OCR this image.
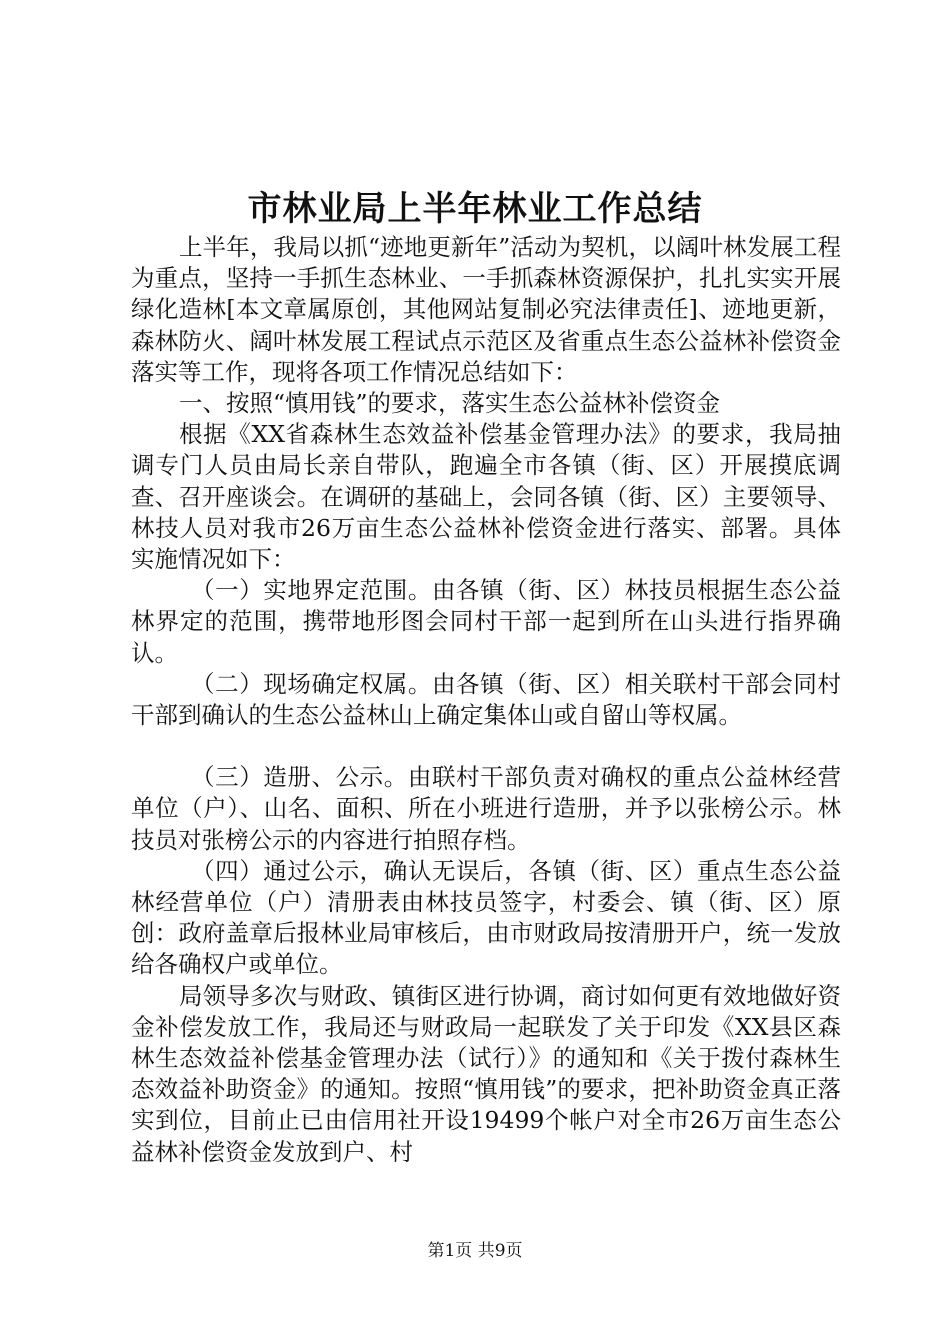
市林业局上半年林业工作总结

上半年，我局以抓“迹地更新年”活动为契机，以阔叶林发展工程为重点，坚持一手抓生态林业、一手抓森林资源保护，扎扎实实开展绿化造林[本文章属原创，其他网站复制必究法律责任]、迹地更新，森林防火、阔叶林发展工程试点示范区及省重点生态公益林补偿资金落实等工作，现将各项工作情况总结如下：

一、按照“慎用钱”的要求，落实生态公益林补偿资金

根据《XX省森林生态效益补偿基金管理办法》的要求，我局抽调专门人员由局长亲自带队，跑遍全市各镇（街、区）开展摸底调查、召开座谈会。在调研的基础上，会同各镇（街、区）主要领导、林技人员对我市26万亩生态公益林补偿资金进行落实、部署。具体实施情况如下：

（一）实地界定范围。由各镇（街、区）林技员根据生态公益林界定的范围，携带地形图会同村干部一起到所在山头进行指界确认。

（二）现场确定权属。由各镇（街、区）相关联村干部会同村干部到确认的生态公益林山上确定集体山或自留山等权属。

（三）造册、公示。由联村干部负责对确权的重点公益林经营单位（户）、山名、面积、所在小班进行造册，并予以张榜公示。林技员对张榜公示的内容进行拍照存档。

（四）通过公示，确认无误后，各镇（街、区）重点生态公益林经营单位（户）清册表由林技员签字，村委会、镇（街、区）原创：政府盖章后报林业局审核后，由市财政局按清册开户，统一发放给各确权户或单位。

局领导多次与财政、镇街区进行协调，商讨如何更有效地做好资金补偿发放工作，我局还与财政局一起联发了关于印发《XX县区森林生态效益补偿基金管理办法（试行）》的通知和《关于拨付森林生态效益补助资金》的通知。按照“慎用钱”的要求，把补助资金真正落实到位，目前止已由信用社开设19499个帐户对全市26万亩生态公益林补偿资金发放到户、村

第1页 共9页
